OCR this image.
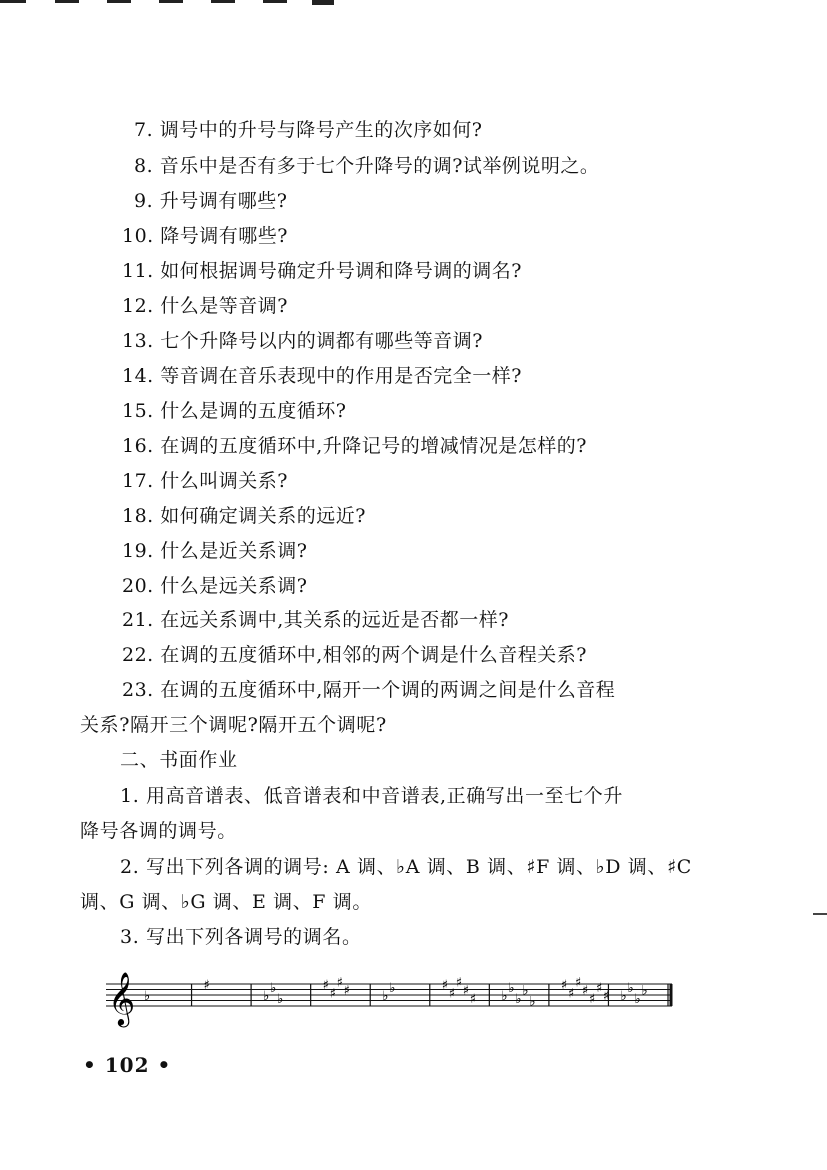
7. 调号中的升号与降号产生的次序如何?
8. 音乐中是否有多于七个升降号的调?试举例说明之。
9. 升号调有哪些?
10. 降号调有哪些?
11. 如何根据调号确定升号调和降号调的调名?
12. 什么是等音调?
13. 七个升降号以内的调都有哪些等音调?
14. 等音调在音乐表现中的作用是否完全一样?
15. 什么是调的五度循环?
16. 在调的五度循环中,升降记号的增减情况是怎样的?
17. 什么叫调关系?
18. 如何确定调关系的远近?
19. 什么是近关系调?
20. 什么是远关系调?
21. 在远关系调中,其关系的远近是否都一样?
22. 在调的五度循环中,相邻的两个调是什么音程关系?
23. 在调的五度循环中,隔开一个调的两调之间是什么音程
关系?隔开三个调呢?隔开五个调呢?
二、书面作业
1. 用高音谱表、低音谱表和中音谱表,正确写出一至七个升
降号各调的调号。
2. 写出下列各调的调号: A 调、♭A 调、B 调、♯F 调、♭D 调、♯C
调、G 调、♭G 调、E 调、F 调。
3. 写出下列各调号的调名。
𝄞 ♭
♯
♭
♭
♭
♯
♯
♯
♯ ♭
♭	♯
♯
♯
♯
♯ ♭
♭
♭
♭
♭
♯
♯
♯
♯
♯
♯
♯ ♭
♭
♭
♭
• 102 •
